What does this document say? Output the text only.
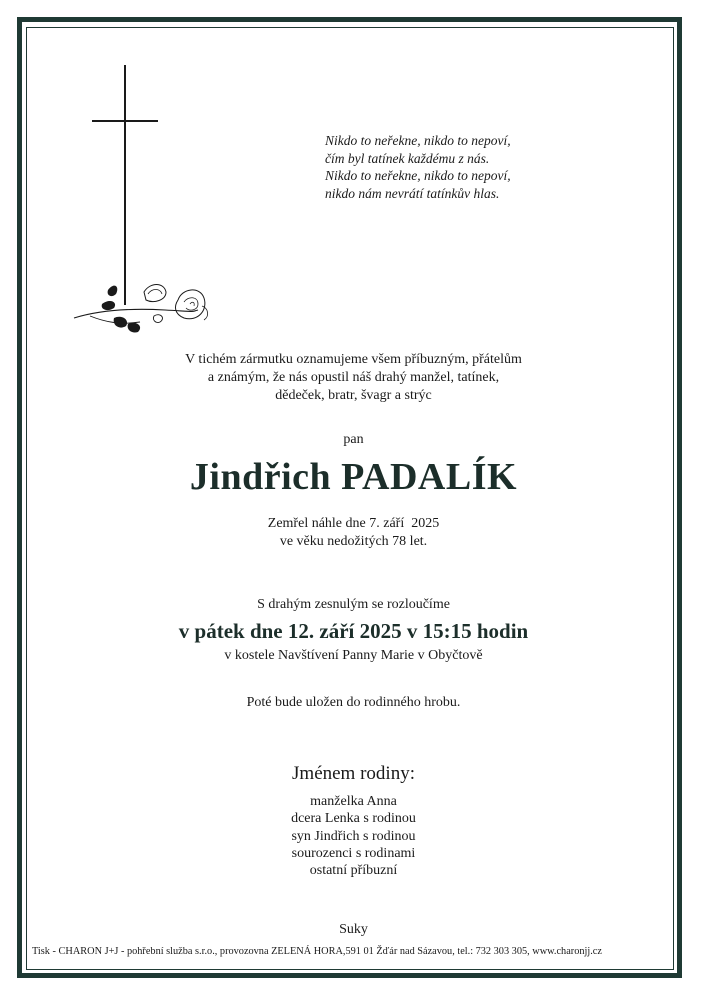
Nikdo to neřekne, nikdo to nepoví,
čím byl tatínek každému z nás.
Nikdo to neřekne, nikdo to nepoví,
nikdo nám nevrátí tatínkův hlas.
V tichém zármutku oznamujeme všem příbuzným, přátelům
a známým, že nás opustil náš drahý manžel, tatínek,
dědeček, bratr, švagr a strýc
pan
Jindřich PADALÍK
Zemřel náhle dne 7. září  2025
ve věku nedožitých 78 let.
S drahým zesnulým se rozloučíme
v pátek dne 12. září 2025 v 15:15 hodin
v kostele Navštívení Panny Marie v Obyčtově
Poté bude uložen do rodinného hrobu.
Jménem rodiny:
manželka Anna
dcera Lenka s rodinou
syn Jindřich s rodinou
sourozenci s rodinami
ostatní příbuzní
Suky
Tisk - CHARON J+J - pohřební služba s.r.o., provozovna ZELENÁ HORA,591 01 Žďár nad Sázavou, tel.: 732 303 305, www.charonjj.cz
